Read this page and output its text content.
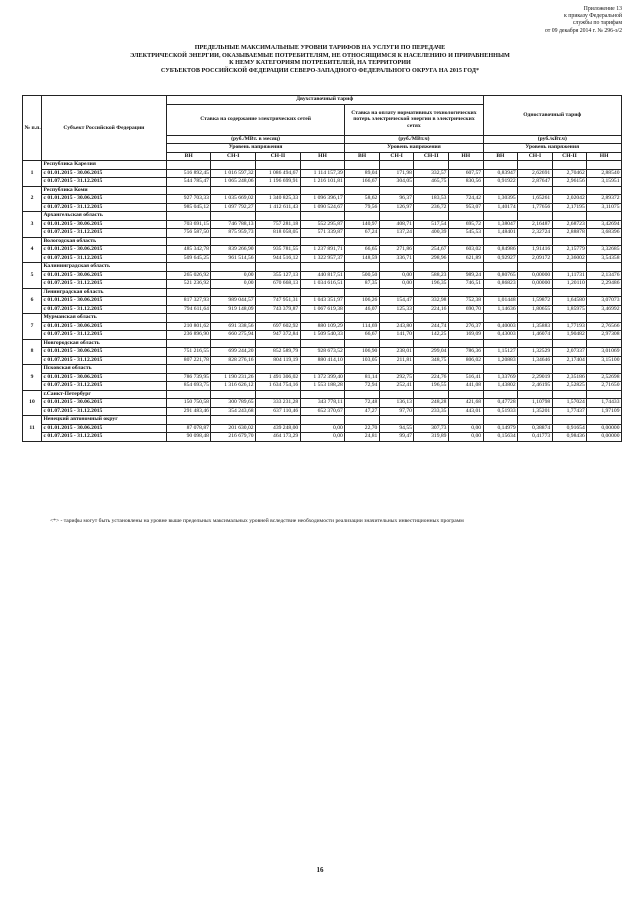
Приложение 13
к приказу Федеральной
службы по тарифам
от 09 декабря 2014 г. № 296-э/2
ПРЕДЕЛЬНЫЕ МАКСИМАЛЬНЫЕ УРОВНИ ТАРИФОВ НА УСЛУГИ ПО ПЕРЕДАЧЕ
ЭЛЕКТРИЧЕСКОЙ ЭНЕРГИИ, ОКАЗЫВАЕМЫЕ ПОТРЕБИТЕЛЯМ, НЕ ОТНОСЯЩИМСЯ К НАСЕЛЕНИЮ И ПРИРАВНЕННЫМ
К НЕМУ КАТЕГОРИЯМ ПОТРЕБИТЕЛЕЙ, НА ТЕРРИТОРИИ
СУБЪЕКТОВ РОССИЙСКОЙ ФЕДЕРАЦИИ СЕВЕРО-ЗАПАДНОГО ФЕДЕРАЛЬНОГО ОКРУГА НА 2015 ГОД*
№ п.п.	Субъект Российской Федерации	Двухставочный тариф								Одноставочный тариф			
		Ставка на содержание электрических сетей				Ставка на оплату нормативных технологических потерь электрической энергии в электрических сетях							
		(руб./МВт. в месяц)				(руб./МВт.ч)				(руб./кВт.ч)			
		Уровень напряжения				Уровень напряжения				Уровень напряжения			
		ВН	СН-I	СН-II	НН	ВН	СН-I	СН-II	НН	ВН	СН-I	СН-II	НН
1	Республика Карелия												
	с 01.01.2015 - 30.06.2015	516 892,45	1 016 597,32	1 086 494,67	1 114 157,39	89,04	171,98	332,57	607,57	0,83947	2,62691	2,70462	2,88540
	с 01.07.2015 - 31.12.2015	544 785,47	1 065 248,06	1 196 699,91	1 216 101,81	166,67	304,05	465,75	830,56	0,91922	2,87647	2,96156	3,15951
2	Республика Коми												
	с 01.01.2015 - 30.06.2015	927 703,33	1 035 669,02	1 340 825,33	1 096 396,17	58,62	96,37	183,53	724,42	1,30395	1,65261	2,02042	2,89372
	с 01.07.2015 - 31.12.2015	985 045,12	1 097 792,27	1 412 611,43	1 090 524,67	79,56	126,97	236,72	953,07	1,40174	1,77656	2,17195	3,11075
3	Архангельская область												
	с 01.01.2015 - 30.06.2015	703 691,15	746 788,13	757 281,18	552 295,87	140,97	408,71	517,54	695,72	1,38047	2,16487	2,68723	3,42694
	с 01.07.2015 - 31.12.2015	756 587,50	875 959,73	818 058,05	571 339,87	67,24	137,24	400,39	545,53	1,48401	2,32724	2,88878	3,68396
4	Вологодская область												
	с 01.01.2015 - 30.06.2015	485 342,78	839 266,90	935 781,55	1 237 891,71	66,65	271,86	254,67	603,02	0,84986	1,91416	2,15779	3,32685
	с 01.07.2015 - 31.12.2015	509 645,25	961 514,56	944 516,12	1 322 957,37	148,59	336,71	298,96	621,89	0,92927	2,09172	2,36002	3,54358
5	Калининградская область												
	с 01.01.2015 - 30.06.2015	265 026,92	0,00	355 127,13	440 817,51	500,50	0,00	588,23	989,24	0,80765	0,00000	1,11731	2,13476
	с 01.07.2015 - 31.12.2015	521 236,92	0,00	670 668,13	1 034 616,51	87,35	0,00	196,35	746,51	0,86823	0,00000	1,20110	2,29486
6	Ленинградская область												
	с 01.01.2015 - 30.06.2015	817 327,93	989 044,57	747 951,31	1 043 351,97	106,26	154,47	332,98	752,38	1,01448	1,59872	1,64580	3,07073
	с 01.07.2015 - 31.12.2015	794 611,64	919 148,09	743 379,87	1 067 619,38	46,07	125,33	224,16	690,70	1,14636	1,80655	1,85975	3,46992
7	Мурманская область												
	с 01.01.2015 - 30.06.2015	210 801,62	691 338,56	697 602,92	880 109,29	114,69	243,80	244,74	276,37	0,40003	1,35883	1,77193	2,76566
	с 01.07.2015 - 31.12.2015	236 896,90	660 275,94	947 372,84	1 509 540,33	66,67	141,70	142,25	169,09	0,43003	1,46074	1,90482	2,97308
8	Новгородская область												
	с 01.01.2015 - 30.06.2015	751 216,55	699 244,20	852 589,79	928 673,52	106,90	238,01	299,04	786,36	1,15127	1,32529	2,07337	3,01069
	с 01.07.2015 - 31.12.2015	807 221,78	828 276,16	804 119,19	880 414,10	103,05	211,81	348,75	806,02	1,20883	1,34646	2,17404	3,15100
9	Псковская область												
	с 01.01.2015 - 30.06.2015	786 739,95	1 190 231,26	1 491 306,02	1 372 399,40	81,14	292,75	224,76	516,41	1,33769	2,29019	2,35186	2,52698
	с 01.07.2015 - 31.12.2015	854 693,75	1 316 626,12	1 634 754,16	1 553 188,28	72,94	252,41	196,55	441,08	1,43802	2,46195	2,52825	2,71650
10	г.Санкт-Петербург												
	с 01.01.2015 - 30.06.2015	150 750,58	300 789,65	333 231,28	343 778,11	72,48	136,13	248,28	421,68	0,47728	1,10798	1,57024	1,74433
	с 01.07.2015 - 31.12.2015	291 483,46	354 243,68	637 110,46	652 370,67	47,27	97,70	233,35	443,01	0,51933	1,35201	1,77437	1,97109
11	Ненецкий автономный округ												
	с 01.01.2015 - 30.06.2015	87 078,87	201 630,02	439 248,00	0,00	22,70	94,55	307,73	0,00	0,14979	0,38874	0,91654	0,00000
	с 01.07.2015 - 31.12.2015	90 098,48	216 679,70	464 173,29	0,00	24,81	99,47	319,89	0,00	0,15634	0,41773	0,98436	0,00000
<*> - тарифы могут быть установлены на уровне выше предельных максимальных уровней вследствие необходимости реализации значительных инвестиционных программ
16
